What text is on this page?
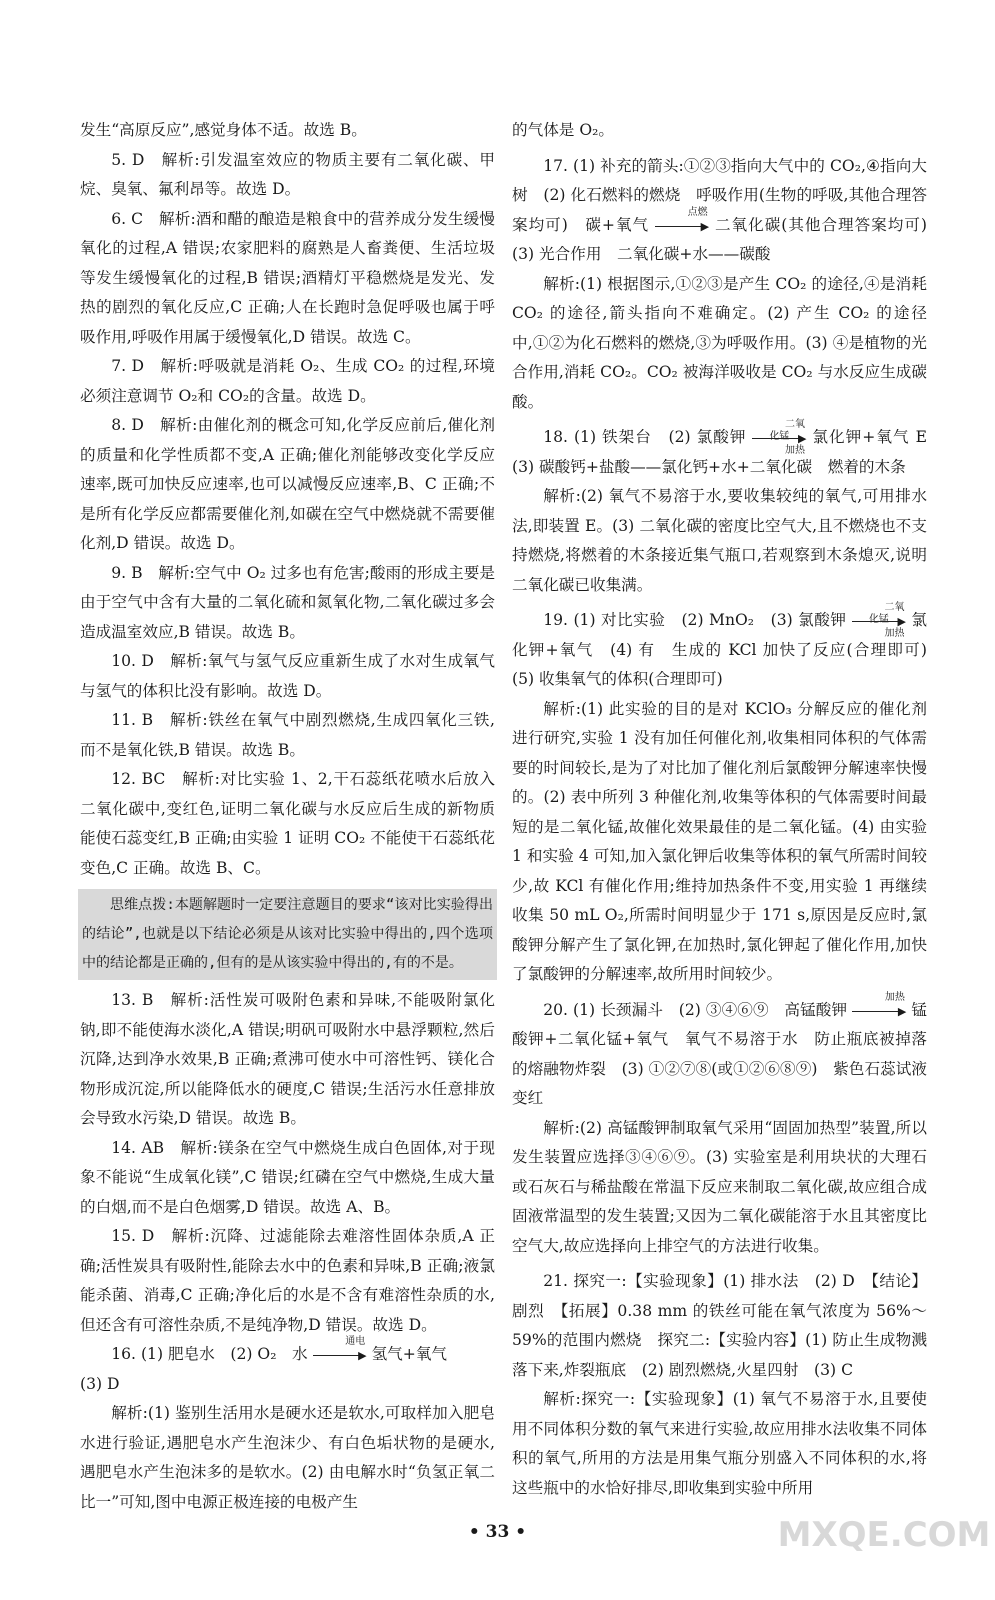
发生“高原反应”,感觉身体不适。故选 B。

5. D　解析:引发温室效应的物质主要有二氧化碳、甲烷、臭氧、氟利昂等。故选 D。

6. C　解析:酒和醋的酿造是粮食中的营养成分发生缓慢氧化的过程,A 错误;农家肥料的腐熟是人畜粪便、生活垃圾等发生缓慢氧化的过程,B 错误;酒精灯平稳燃烧是发光、发热的剧烈的氧化反应,C 正确;人在长跑时急促呼吸也属于呼吸作用,呼吸作用属于缓慢氧化,D 错误。故选 C。

7. D　解析:呼吸就是消耗 O₂、生成 CO₂ 的过程,环境必须注意调节 O₂和 CO₂的含量。故选 D。

8. D　解析:由催化剂的概念可知,化学反应前后,催化剂的质量和化学性质都不变,A 正确;催化剂能够改变化学反应速率,既可加快反应速率,也可以减慢反应速率,B、C 正确;不是所有化学反应都需要催化剂,如碳在空气中燃烧就不需要催化剂,D 错误。故选 D。

9. B　解析:空气中 O₂ 过多也有危害;酸雨的形成主要是由于空气中含有大量的二氧化硫和氮氧化物,二氧化碳过多会造成温室效应,B 错误。故选 B。

10. D　解析:氧气与氢气反应重新生成了水对生成氧气与氢气的体积比没有影响。故选 D。

11. B　解析:铁丝在氧气中剧烈燃烧,生成四氧化三铁,而不是氧化铁,B 错误。故选 B。

12. BC　解析:对比实验 1、2,干石蕊纸花喷水后放入二氧化碳中,变红色,证明二氧化碳与水反应后生成的新物质能使石蕊变红,B 正确;由实验 1 证明 CO₂ 不能使干石蕊纸花变色,C 正确。故选 B、C。

思维点拨:本题解题时一定要注意题目的要求“该对比实验得出的结论”,也就是以下结论必须是从该对比实验中得出的,四个选项中的结论都是正确的,但有的是从该实验中得出的,有的不是。

13. B　解析:活性炭可吸附色素和异味,不能吸附氯化钠,即不能使海水淡化,A 错误;明矾可吸附水中悬浮颗粒,然后沉降,达到净水效果,B 正确;煮沸可使水中可溶性钙、镁化合物形成沉淀,所以能降低水的硬度,C 错误;生活污水任意排放会导致水污染,D 错误。故选 B。

14. AB　解析:镁条在空气中燃烧生成白色固体,对于现象不能说“生成氧化镁”,C 错误;红磷在空气中燃烧,生成大量的白烟,而不是白色烟雾,D 错误。故选 A、B。

15. D　解析:沉降、过滤能除去难溶性固体杂质,A 正确;活性炭具有吸附性,能除去水中的色素和异味,B 正确;液氯能杀菌、消毒,C 正确;净化后的水是不含有难溶性杂质的水,但还含有可溶性杂质,不是纯净物,D 错误。故选 D。

16. (1) 肥皂水　(2) O₂　水
通电
▶ 氢气+氧气

(3) D

解析:(1) 鉴别生活用水是硬水还是软水,可取样加入肥皂水进行验证,遇肥皂水产生泡沫少、有白色垢状物的是硬水,遇肥皂水产生泡沫多的是软水。(2) 由电解水时“负氢正氧二比一”可知,图中电源正极连接的电极产生

的气体是 O₂。

17. (1) 补充的箭头:①②③指向大气中的 CO₂,④指向大树　(2) 化石燃料的燃烧　呼吸作用(生物的呼吸,其他合理答案均可)　碳+氧气
点燃
▶ 二氧化碳(其他合理答案均可)　(3) 光合作用　二氧化碳+水——碳酸

解析:(1) 根据图示,①②③是产生 CO₂ 的途径,④是消耗 CO₂ 的途径,箭头指向不难确定。(2) 产生 CO₂ 的途径中,①②为化石燃料的燃烧,③为呼吸作用。(3) ④是植物的光合作用,消耗 CO₂。CO₂ 被海洋吸收是 CO₂ 与水反应生成碳酸。

18. (1) 铁架台　(2) 氯酸钾
二氧化锰 ▶
加热
氯化钾+氧气 E　(3) 碳酸钙+盐酸——氯化钙+水+二氧化碳　燃着的木条

解析:(2) 氧气不易溶于水,要收集较纯的氧气,可用排水法,即装置 E。(3) 二氧化碳的密度比空气大,且不燃烧也不支持燃烧,将燃着的木条接近集气瓶口,若观察到木条熄灭,说明二氧化碳已收集满。

19. (1) 对比实验　(2) MnO₂　(3) 氯酸钾
二氧化锰 ▶
加热
氯化钾+氧气　(4) 有　生成的 KCl 加快了反应(合理即可)　(5) 收集氧气的体积(合理即可)

解析:(1) 此实验的目的是对 KClO₃ 分解反应的催化剂进行研究,实验 1 没有加任何催化剂,收集相同体积的气体需要的时间较长,是为了对比加了催化剂后氯酸钾分解速率快慢的。(2) 表中所列 3 种催化剂,收集等体积的气体需要时间最短的是二氧化锰,故催化效果最佳的是二氧化锰。(4) 由实验 1 和实验 4 可知,加入氯化钾后收集等体积的氧气所需时间较少,故 KCl 有催化作用;维持加热条件不变,用实验 1 再继续收集 50 mL O₂,所需时间明显少于 171 s,原因是反应时,氯酸钾分解产生了氯化钾,在加热时,氯化钾起了催化作用,加快了氯酸钾的分解速率,故所用时间较少。

20. (1) 长颈漏斗　(2) ③④⑥⑨　高锰酸钾
加热
▶ 锰酸钾+二氧化锰+氧气　氧气不易溶于水　防止瓶底被掉落的熔融物炸裂　(3) ①②⑦⑧(或①②⑥⑧⑨)　紫色石蕊试液变红

解析:(2) 高锰酸钾制取氧气采用“固固加热型”装置,所以发生装置应选择③④⑥⑨。(3) 实验室是利用块状的大理石或石灰石与稀盐酸在常温下反应来制取二氧化碳,故应组合成固液常温型的发生装置;又因为二氧化碳能溶于水且其密度比空气大,故应选择向上排空气的方法进行收集。

21. 探究一:【实验现象】(1) 排水法　(2) D　【结论】剧烈　【拓展】0.38 mm 的铁丝可能在氧气浓度为 56%～59%的范围内燃烧　探究二:【实验内容】(1) 防止生成物溅落下来,炸裂瓶底　(2) 剧烈燃烧,火星四射　(3) C

解析:探究一:【实验现象】(1) 氧气不易溶于水,且要使用不同体积分数的氧气来进行实验,故应用排水法收集不同体积的氧气,所用的方法是用集气瓶分别盛入不同体积的水,将这些瓶中的水恰好排尽,即收集到实验中所用

• 33 •	MXQE.COM
